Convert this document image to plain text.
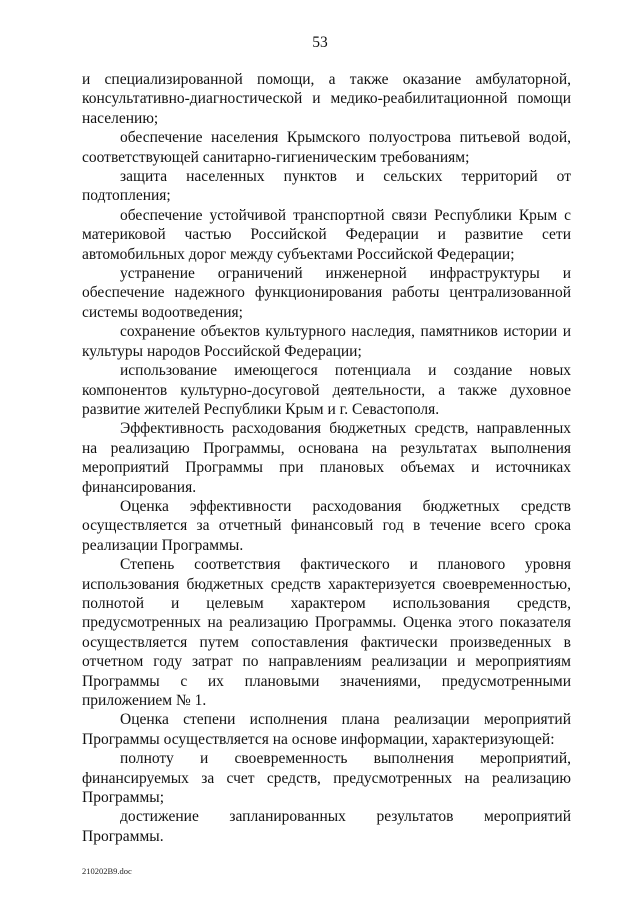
53

и специализированной помощи, а также оказание амбулаторной, консультативно-диагностической и медико-реабилитационной помощи населению;

обеспечение населения Крымского полуострова питьевой водой, соответствующей санитарно-гигиеническим требованиям;

защита населенных пунктов и сельских территорий от подтопления;

обеспечение устойчивой транспортной связи Республики Крым с материковой частью Российской Федерации и развитие сети автомобильных дорог между субъектами Российской Федерации;

устранение ограничений инженерной инфраструктуры и обеспечение надежного функционирования работы централизованной системы водоотведения;

сохранение объектов культурного наследия, памятников истории и культуры народов Российской Федерации;

использование имеющегося потенциала и создание новых компонентов культурно-досуговой деятельности, а также духовное развитие жителей Республики Крым и г. Севастополя.

Эффективность расходования бюджетных средств, направленных на реализацию Программы, основана на результатах выполнения мероприятий Программы при плановых объемах и источниках финансирования.

Оценка эффективности расходования бюджетных средств осуществляется за отчетный финансовый год в течение всего срока реализации Программы.

Степень соответствия фактического и планового уровня использования бюджетных средств характеризуется своевременностью, полнотой и целевым характером использования средств, предусмотренных на реализацию Программы. Оценка этого показателя осуществляется путем сопоставления фактически произведенных в отчетном году затрат по направлениям реализации и мероприятиям Программы с их плановыми значениями, предусмотренными приложением № 1.

Оценка степени исполнения плана реализации мероприятий Программы осуществляется на основе информации, характеризующей:

полноту и своевременность выполнения мероприятий, финансируемых за счет средств, предусмотренных на реализацию Программы;

достижение запланированных результатов мероприятий Программы.

210202B9.doc
